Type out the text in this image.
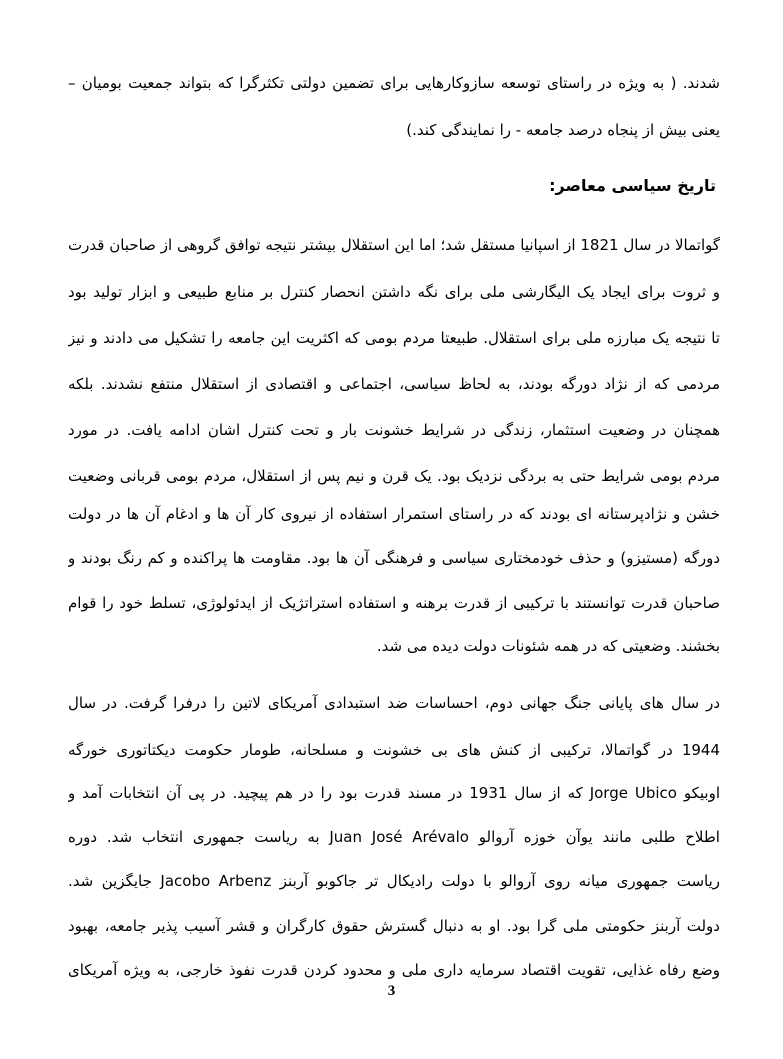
شدند. ( به ویژه در راستای توسعه سازوکارهایی برای تضمین دولتی تکثرگرا که بتواند جمعیت بومیان –
یعنی بیش از پنجاه درصد جامعه - را نمایندگی کند.)
تاریخ سیاسی معاصر:
گواتمالا در سال 1821 از اسپانیا مستقل شد؛ اما این استقلال بیشتر نتیجه توافق گروهی از صاحبان قدرت
و ثروت برای ایجاد یک الیگارشی ملی برای نگه داشتن انحصار کنترل بر منابع طبیعی و ابزار تولید بود
تا نتیجه یک مبارزه ملی برای استقلال. طبیعتا مردم بومی که اکثریت این جامعه را تشکیل می دادند و نیز
مردمی که از نژاد دورگه بودند، به لحاظ سیاسی، اجتماعی و اقتصادی از استقلال منتفع نشدند. بلکه
همچنان در وضعیت استثمار، زندگی در شرایط خشونت بار و تحت کنترل اشان ادامه یافت. در مورد
مردم بومی شرایط حتی به بردگی نزدیک بود. یک قرن و نیم پس از استقلال، مردم بومی قربانی وضعیت
خشن و نژادپرستانه ای بودند که در راستای استمرار استفاده از نیروی کار آن ها و ادغام آن ها در دولت
دورگه (مستیزو) و حذف خودمختاری سیاسی و فرهنگی آن ها بود. مقاومت ها پراکنده و کم رنگ بودند و
صاحبان قدرت توانستند با ترکیبی از قدرت برهنه و استفاده استراتژیک از ایدئولوژی، تسلط خود را قوام
بخشند. وضعیتی که در همه شئونات دولت دیده می شد.
در سال های پایانی جنگ جهانی دوم، احساسات ضد استبدادی آمریکای لاتین را درفرا گرفت. در سال
1944 در گواتمالا، ترکیبی از کنش های بی خشونت و مسلحانه، طومار حکومت دیکتاتوری خورگه
اوبیکو Jorge Ubico که از سال 1931 در مسند قدرت بود را در هم پیچید. در پی آن انتخابات آمد و
اطلاح طلبی مانند یوآن خوزه آروالو Juan José Arévalo به ریاست جمهوری انتخاب شد. دوره
ریاست جمهوری میانه روی آروالو با دولت رادیکال تر جاکوبو آربنز Jacobo Arbenz جایگزین شد.
دولت آربنز حکومتی ملی گرا بود. او به دنبال گسترش حقوق کارگران و قشر آسیب پذیر جامعه، بهبود
وضع رفاه غذایی، تقویت اقتصاد سرمایه داری ملی و محدود کردن قدرت نفوذ خارجی، به ویژه آمریکای
3
